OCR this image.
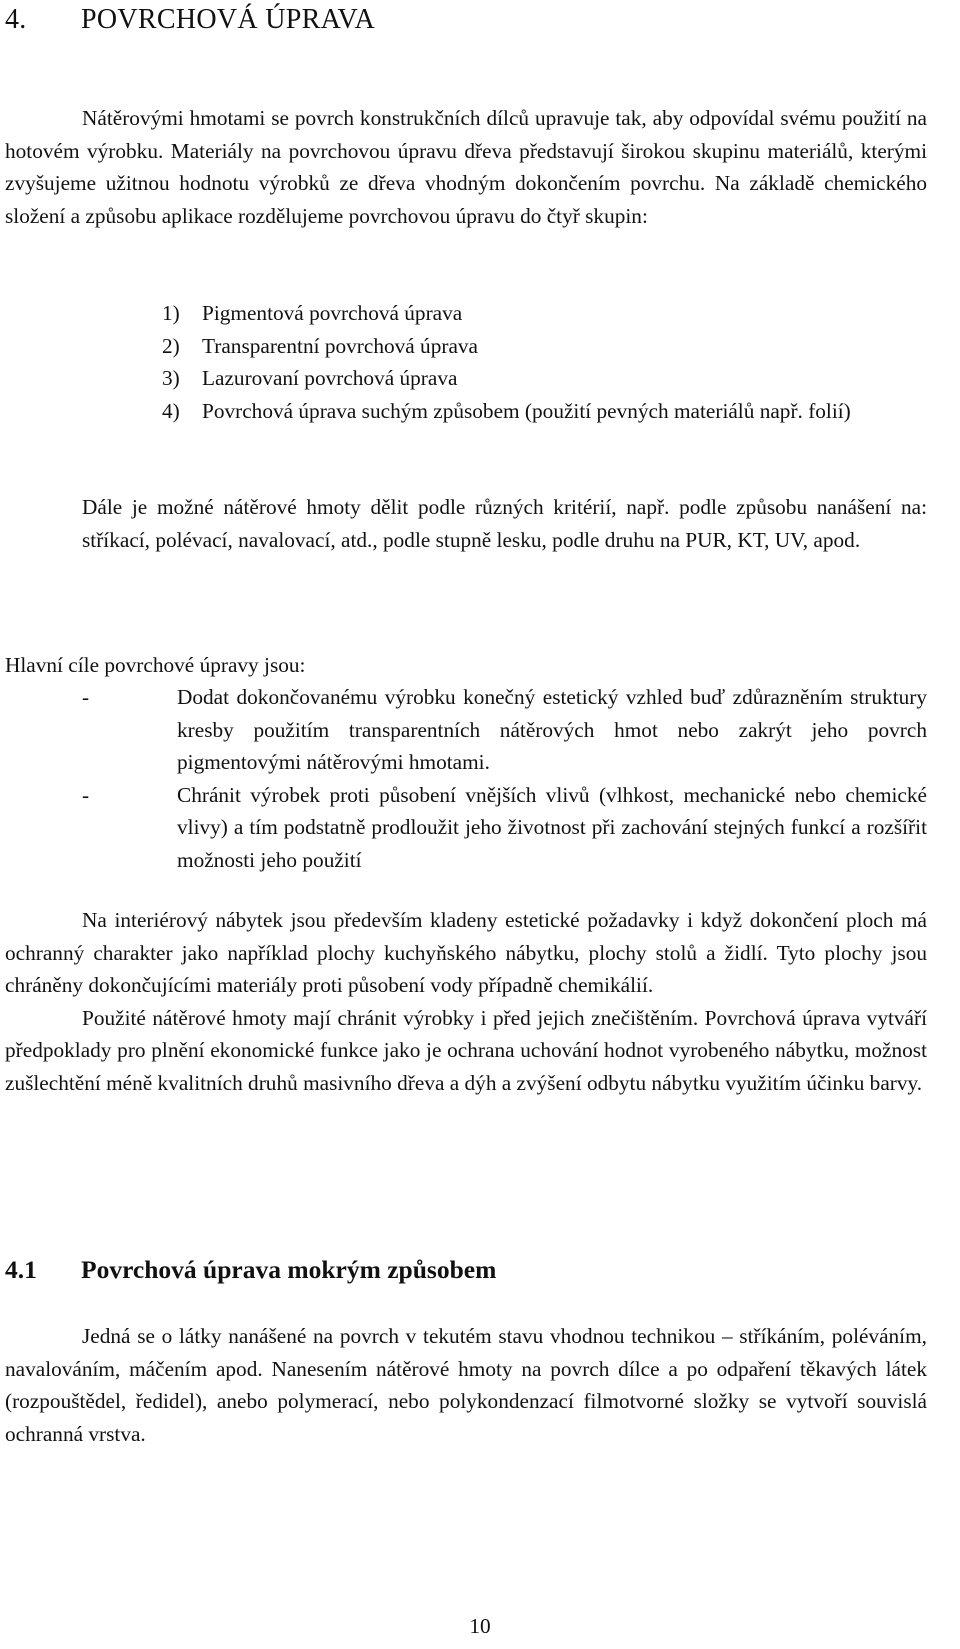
4. POVRCHOVÁ ÚPRAVA

Nátěrovými hmotami se povrch konstrukčních dílců upravuje tak, aby odpovídal svému použití na hotovém výrobku. Materiály na povrchovou úpravu dřeva představují širokou skupinu materiálů, kterými zvyšujeme užitnou hodnotu výrobků ze dřeva vhodným dokončením povrchu. Na základě chemického složení a způsobu aplikace rozdělujeme povrchovou úpravu do čtyř skupin:

1) Pigmentová povrchová úprava
2) Transparentní povrchová úprava
3) Lazurovaní povrchová úprava
4) Povrchová úprava suchým způsobem (použití pevných materiálů např. folií)

Dále je možné nátěrové hmoty dělit podle různých kritérií, např. podle způsobu nanášení na: stříkací, polévací, navalovací, atd., podle stupně lesku, podle druhu na PUR, KT, UV, apod.

Hlavní cíle povrchové úpravy jsou:

-	Dodat dokončovanému výrobku konečný estetický vzhled buď zdůrazněním struktury kresby použitím transparentních nátěrových hmot nebo zakrýt jeho povrch pigmentovými nátěrovými hmotami.
-	Chránit výrobek proti působení vnějších vlivů (vlhkost, mechanické nebo chemické vlivy) a tím podstatně prodloužit jeho životnost při zachování stejných funkcí a rozšířit možnosti jeho použití

Na interiérový nábytek jsou především kladeny estetické požadavky i když dokončení ploch má ochranný charakter jako například plochy kuchyňského nábytku, plochy stolů a židlí. Tyto plochy jsou chráněny dokončujícími materiály proti působení vody případně chemikálií.

Použité nátěrové hmoty mají chránit výrobky i před jejich znečištěním. Povrchová úprava vytváří předpoklady pro plnění ekonomické funkce jako je ochrana uchování hodnot vyrobeného nábytku, možnost zušlechtění méně kvalitních druhů masivního dřeva a dýh a zvýšení odbytu nábytku využitím účinku barvy.

4.1 Povrchová úprava mokrým způsobem

Jedná se o látky nanášené na povrch v tekutém stavu vhodnou technikou – stříkáním, poléváním, navalováním, máčením apod. Nanesením nátěrové hmoty na povrch dílce a po odpaření těkavých látek (rozpouštědel, ředidel), anebo polymerací, nebo polykondenzací filmotvorné složky se vytvoří souvislá ochranná vrstva.

10
